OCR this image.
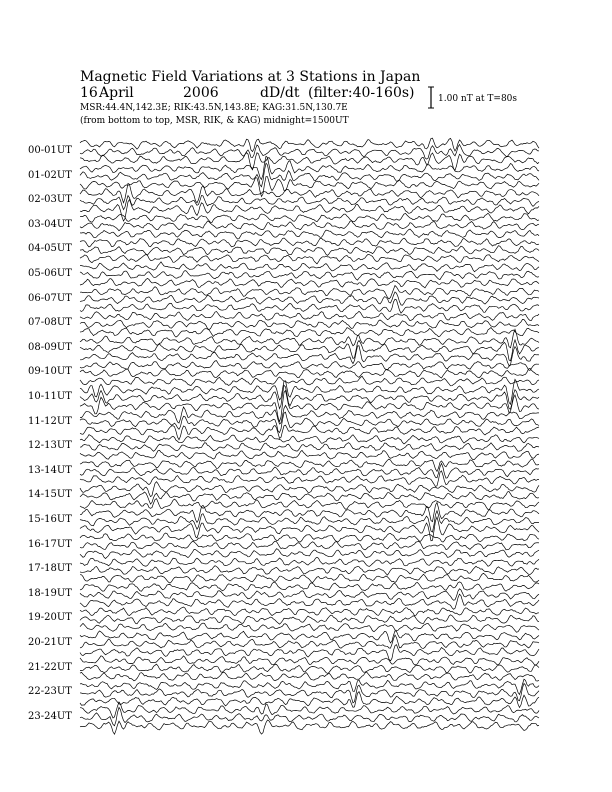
Magnetic Field Variations at 3 Stations in Japan
16 April	2006	dD/dt (filter:40-160s)
MSR:44.4N,142.3E; RIK:43.5N,143.8E; KAG:31.5N,130.7E
(from bottom to top, MSR, RIK, & KAG) midnight=1500UT
1.00 nT at T=80s
00-01UT
01-02UT
02-03UT
03-04UT
04-05UT
05-06UT
06-07UT
07-08UT
08-09UT
09-10UT
10-11UT
11-12UT
12-13UT
13-14UT
14-15UT
15-16UT
16-17UT
17-18UT
18-19UT
19-20UT
20-21UT
21-22UT
22-23UT
23-24UT
